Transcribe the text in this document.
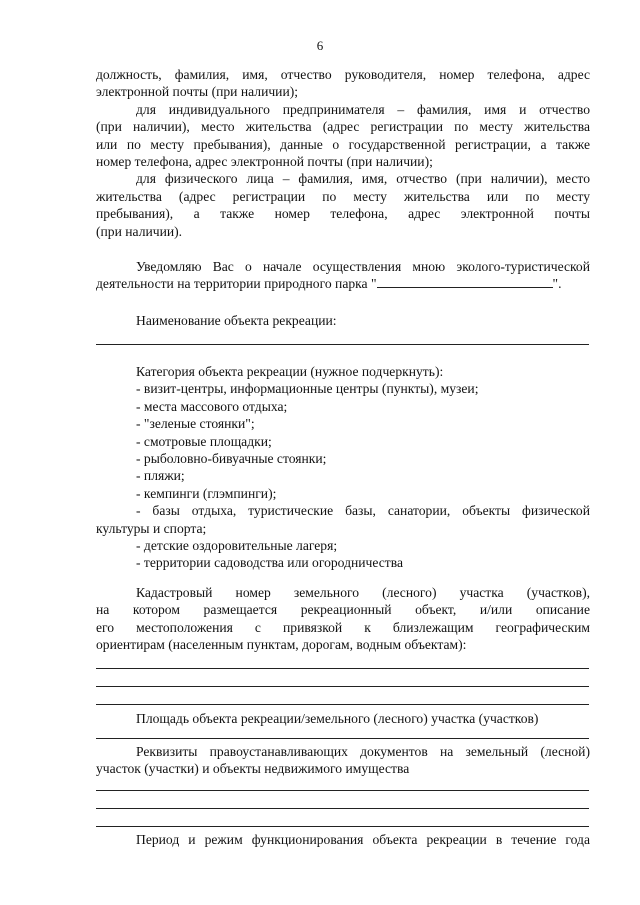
6
должность, фамилия, имя, отчество руководителя, номер телефона, адрес
электронной почты (при наличии);
для индивидуального предпринимателя – фамилия, имя и отчество
(при наличии), место жительства (адрес регистрации по месту жительства
или по месту пребывания), данные о государственной регистрации, а также
номер телефона, адрес электронной почты (при наличии);
для физического лица – фамилия, имя, отчество (при наличии), место
жительства (адрес регистрации по месту жительства или по месту
пребывания), а также номер телефона, адрес электронной почты
(при наличии).
Уведомляю Вас о начале осуществления мною эколого-туристической
деятельности на территории природного парка "	".
Наименование объекта рекреации:
Категория объекта рекреации (нужное подчеркнуть):
- визит-центры, информационные центры (пункты), музеи;
- места массового отдыха;
- "зеленые стоянки";
- смотровые площадки;
- рыболовно-бивуачные стоянки;
- пляжи;
- кемпинги (глэмпинги);
- базы отдыха, туристические базы, санатории, объекты физической
культуры и спорта;
- детские оздоровительные лагеря;
- территории садоводства или огородничества
Кадастровый номер земельного (лесного) участка (участков),
на котором размещается рекреационный объект, и/или описание
его местоположения с привязкой к близлежащим географическим
ориентирам (населенным пунктам, дорогам, водным объектам):
Площадь объекта рекреации/земельного (лесного) участка (участков)
Реквизиты правоустанавливающих документов на земельный (лесной)
участок (участки) и объекты недвижимого имущества
Период и режим функционирования объекта рекреации в течение года
